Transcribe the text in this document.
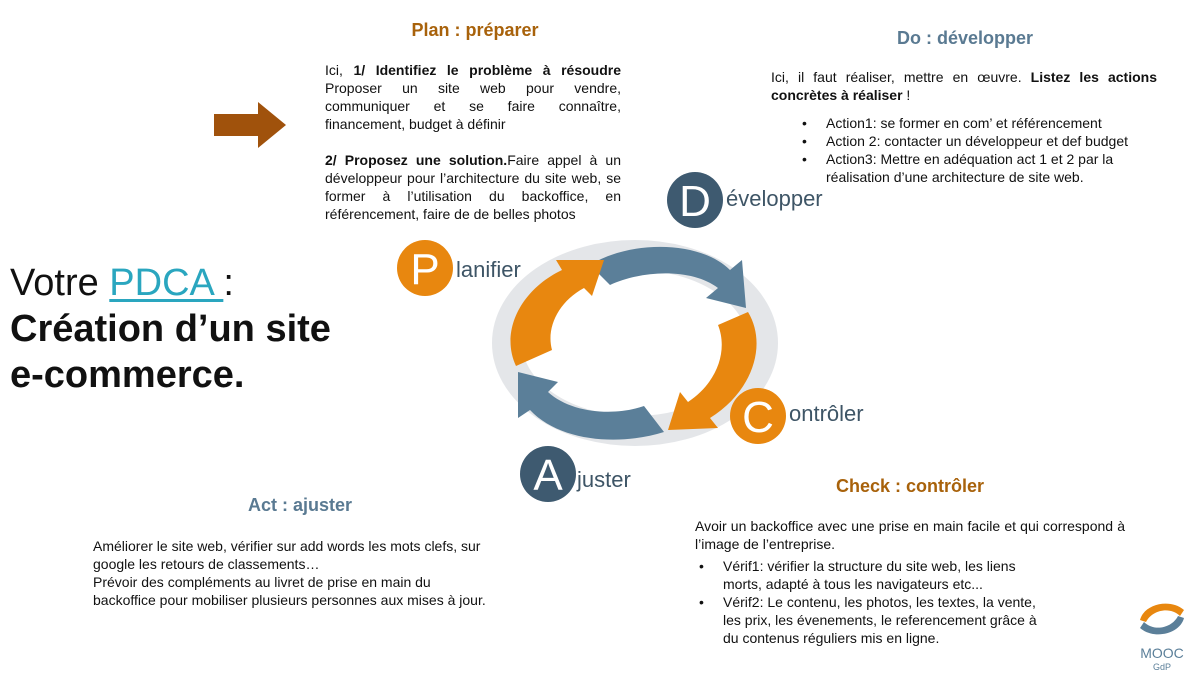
Plan : préparer
Ici, 1/ Identifiez le problème à résoudre Proposer un site web pour vendre, communiquer et se faire connaître, financement, budget à définir
2/ Proposez une solution.Faire appel à un développeur pour l’architecture du site web, se former à l’utilisation du backoffice, en référencement, faire de de belles photos
Do : développer
Ici, il faut réaliser, mettre en œuvre. Listez les actions concrètes à réaliser !
• Action1: se former en com’ et référencement
• Action 2: contacter un développeur et def budget
• Action3: Mettre en adéquation act 1 et 2 par la réalisation d’une architecture de site web.
Votre PDCA :
Création d’un site
e-commerce.
P lanifier
D évelopper
C ontrôler
A juster
Act : ajuster
Améliorer le site web, vérifier sur add words les mots clefs, sur google les retours de classements…
Prévoir des compléments au livret de prise en main du backoffice pour mobiliser plusieurs personnes aux mises à jour.
Check : contrôler
Avoir un backoffice avec une prise en main facile et qui correspond à l’image de l’entreprise.
• Vérif1: vérifier la structure du site web, les liens morts, adapté à tous les navigateurs etc...
• Vérif2: Le contenu, les photos, les textes, la vente, les prix, les évenements, le referencement grâce à du contenus réguliers mis en ligne.
MOOC
GdP
